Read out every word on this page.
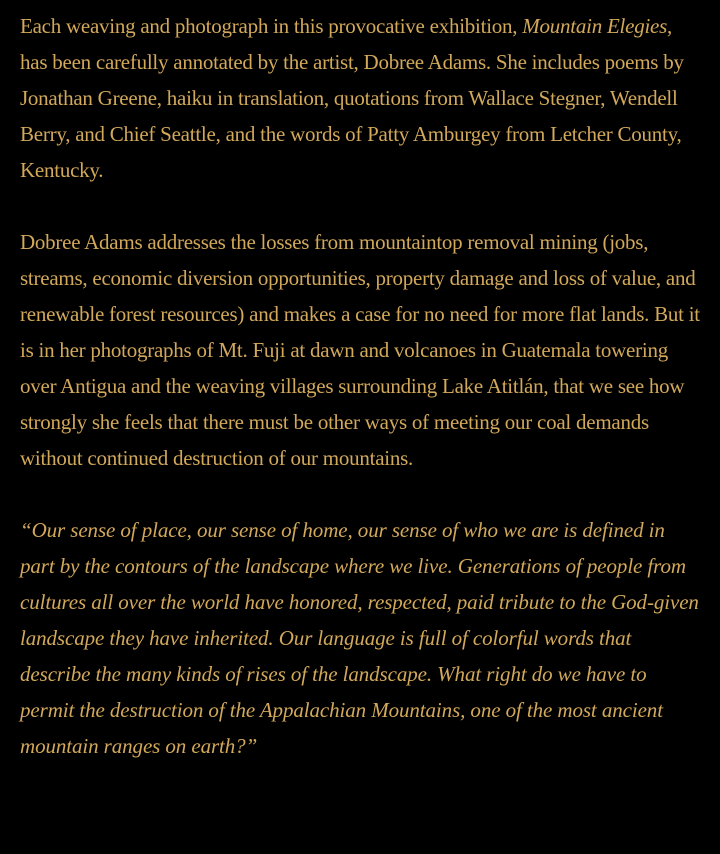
Each weaving and photograph in this provocative exhibition, Mountain Elegies, has been carefully annotated by the artist, Dobree Adams. She includes poems by Jonathan Greene, haiku in translation, quotations from Wallace Stegner, Wendell Berry, and Chief Seattle, and the words of Patty Amburgey from Letcher County, Kentucky.

Dobree Adams addresses the losses from mountaintop removal mining (jobs, streams, economic diversion opportunities, property damage and loss of value, and renewable forest resources) and makes a case for no need for more flat lands. But it is in her photographs of Mt. Fuji at dawn and volcanoes in Guatemala towering over Antigua and the weaving villages surrounding Lake Atitlán, that we see how strongly she feels that there must be other ways of meeting our coal demands without continued destruction of our mountains.

“Our sense of place, our sense of home, our sense of who we are is defined in part by the contours of the landscape where we live. Generations of people from cultures all over the world have honored, respected, paid tribute to the God-given landscape they have inherited. Our language is full of colorful words that describe the many kinds of rises of the landscape. What right do we have to permit the destruction of the Appalachian Mountains, one of the most ancient mountain ranges on earth?”
